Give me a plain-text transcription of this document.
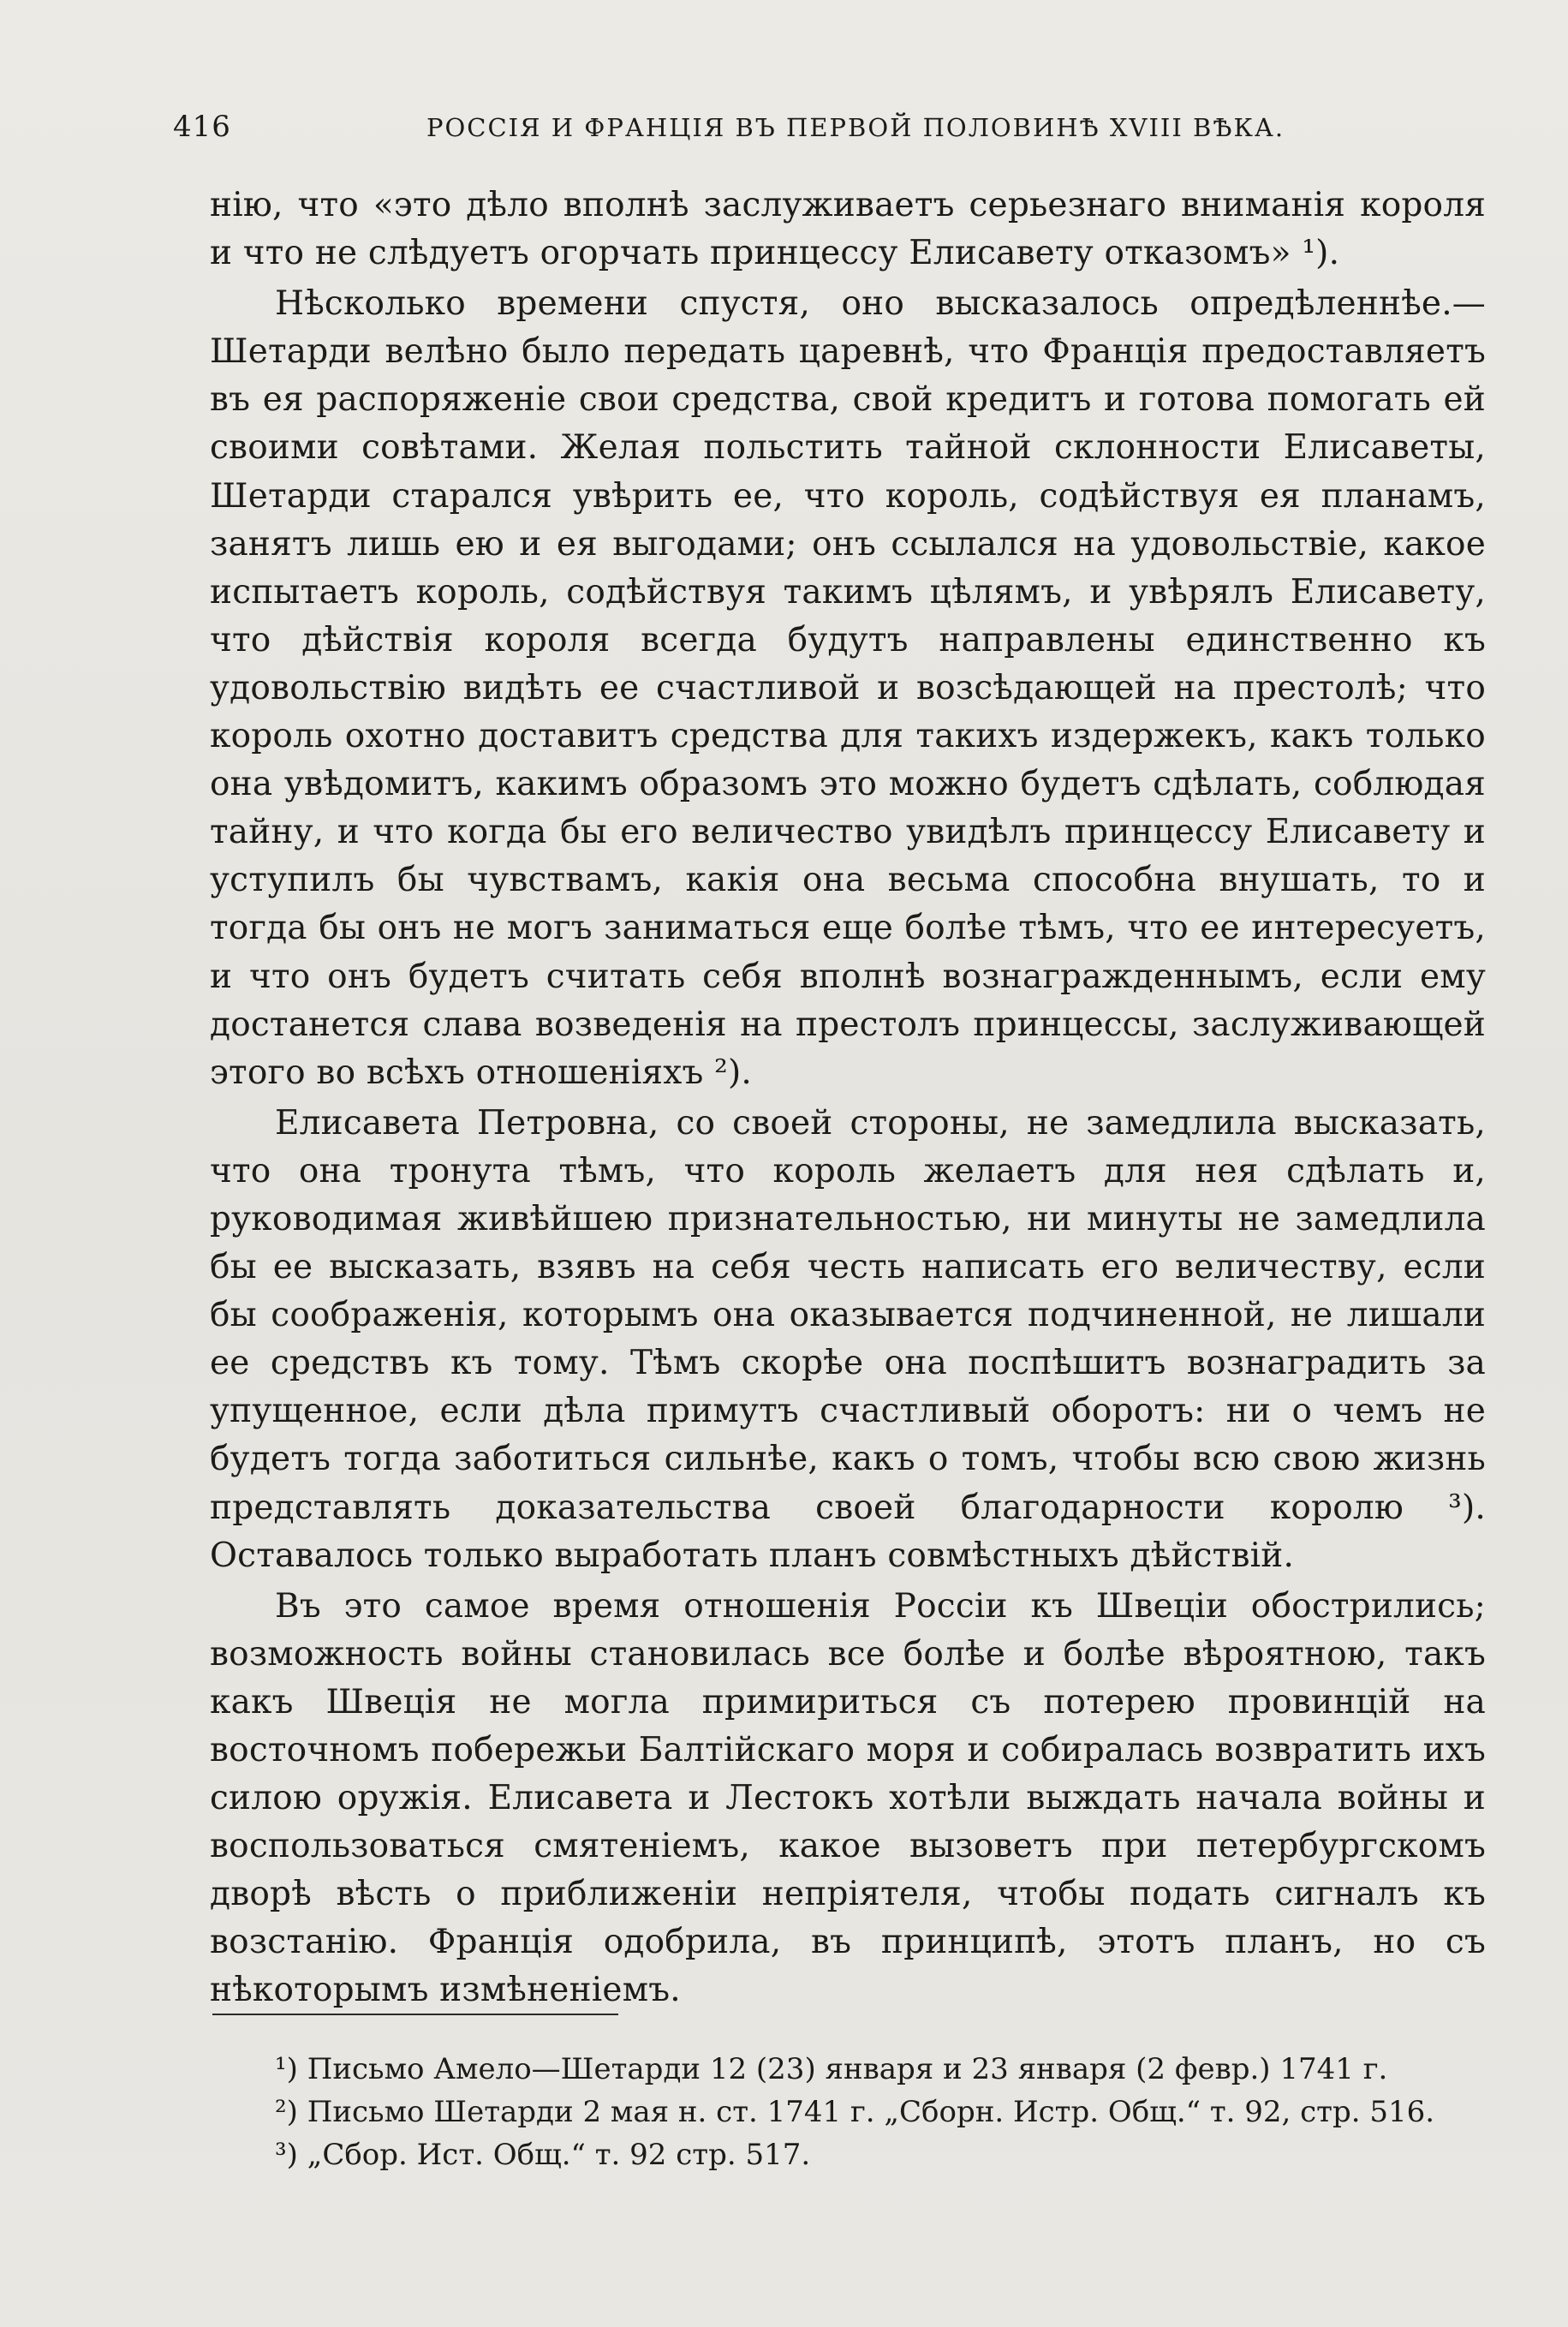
416	РОССІЯ И ФРАНЦІЯ ВЪ ПЕРВОЙ ПОЛОВИНѢ XVIII ВѢКА.

нію, что «это дѣло вполнѣ заслуживаетъ серьезнаго вниманія короля и что не слѣдуетъ огорчать принцессу Елисавету отказомъ» ¹).

Нѣсколько времени спустя, оно высказалось опредѣленнѣе.—Шетарди велѣно было передать царевнѣ, что Франція предоставляетъ въ ея распоряженіе свои средства, свой кредитъ и готова помогать ей своими совѣтами. Желая польстить тайной склонности Елисаветы, Шетарди старался увѣрить ее, что король, содѣйствуя ея планамъ, занятъ лишь ею и ея выгодами; онъ ссылался на удовольствіе, какое испытаетъ король, содѣйствуя такимъ цѣлямъ, и увѣрялъ Елисавету, что дѣйствія короля всегда будутъ направлены единственно къ удовольствію видѣть ее счастливой и возсѣдающей на престолѣ; что король охотно доставитъ средства для такихъ издержекъ, какъ только она увѣдомитъ, какимъ образомъ это можно будетъ сдѣлать, соблюдая тайну, и что когда бы его величество увидѣлъ принцессу Елисавету и уступилъ бы чувствамъ, какія она весьма способна внушать, то и тогда бы онъ не могъ заниматься еще болѣе тѣмъ, что ее интересуетъ, и что онъ будетъ считать себя вполнѣ вознагражденнымъ, если ему достанется слава возведенія на престолъ принцессы, заслуживающей этого во всѣхъ отношеніяхъ ²).

Елисавета Петровна, со своей стороны, не замедлила высказать, что она тронута тѣмъ, что король желаетъ для нея сдѣлать и, руководимая живѣйшею признательностью, ни минуты не замедлила бы ее высказать, взявъ на себя честь написать его величеству, если бы соображенія, которымъ она оказывается подчиненной, не лишали ее средствъ къ тому. Тѣмъ скорѣе она поспѣшитъ вознаградить за упущенное, если дѣла примутъ счастливый оборотъ: ни о чемъ не будетъ тогда заботиться сильнѣе, какъ о томъ, чтобы всю свою жизнь представлять доказательства своей благодарности королю ³). Оставалось только выработать планъ совмѣстныхъ дѣйствій.

Въ это самое время отношенія Россіи къ Швеціи обострились; возможность войны становилась все болѣе и болѣе вѣроятною, такъ какъ Швеція не могла примириться съ потерею провинцій на восточномъ побережьи Балтійскаго моря и собиралась возвратить ихъ силою оружія. Елисавета и Лестокъ хотѣли выждать начала войны и воспользоваться смятеніемъ, какое вызоветъ при петербургскомъ дворѣ вѣсть о приближеніи непріятеля, чтобы подать сигналъ къ возстанію. Франція одобрила, въ принципѣ, этотъ планъ, но съ нѣкоторымъ измѣненіемъ.

¹) Письмо Амело—Шетарди 12 (23) января и 23 января (2 февр.) 1741 г.

²) Письмо Шетарди 2 мая н. ст. 1741 г. „Сборн. Истр. Общ.“ т. 92, стр. 516.

³) „Сбор. Ист. Общ.“ т. 92 стр. 517.
